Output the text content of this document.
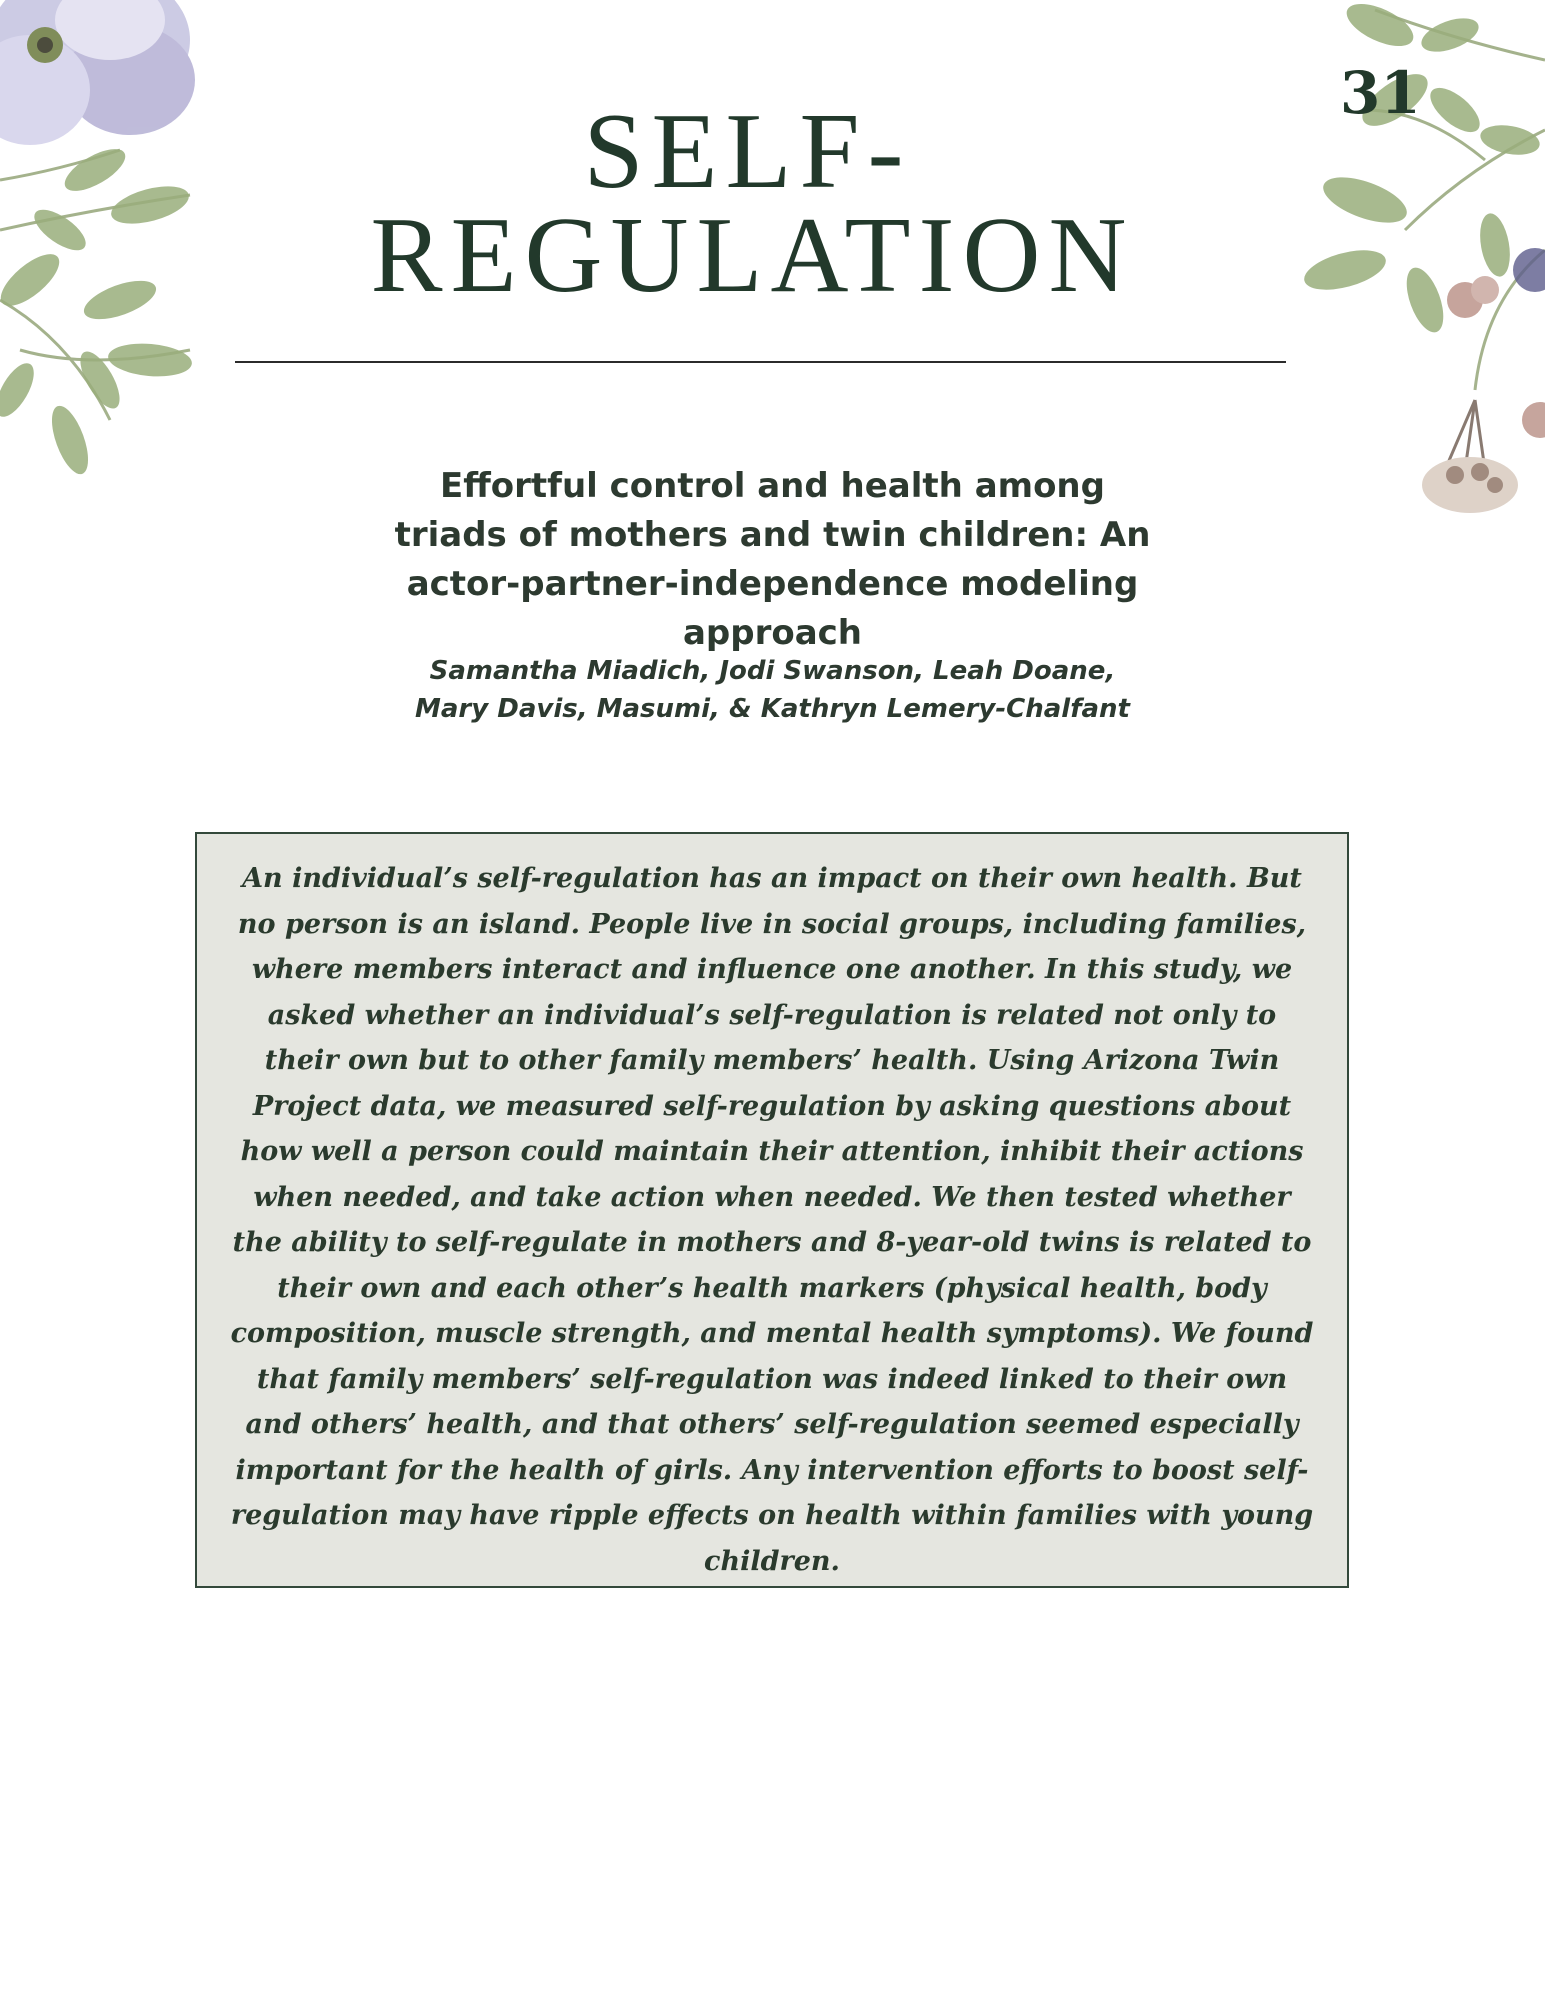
31
SELF-
REGULATION
Effortful control and health among triads of mothers and twin children: An actor-partner-independence modeling approach

Samantha Miadich, Jodi Swanson, Leah Doane, Mary Davis, Masumi, & Kathryn Lemery-Chalfant

An individual’s self-regulation has an impact on their own health. But no person is an island. People live in social groups, including families, where members interact and influence one another. In this study, we asked whether an individual’s self-regulation is related not only to their own but to other family members’ health. Using Arizona Twin Project data, we measured self-regulation by asking questions about how well a person could maintain their attention, inhibit their actions when needed, and take action when needed. We then tested whether the ability to self-regulate in mothers and 8-year-old twins is related to their own and each other’s health markers (physical health, body composition, muscle strength, and mental health symptoms). We found that family members’ self-regulation was indeed linked to their own and others’ health, and that others’ self-regulation seemed especially important for the health of girls. Any intervention efforts to boost self-regulation may have ripple effects on health within families with young children.
